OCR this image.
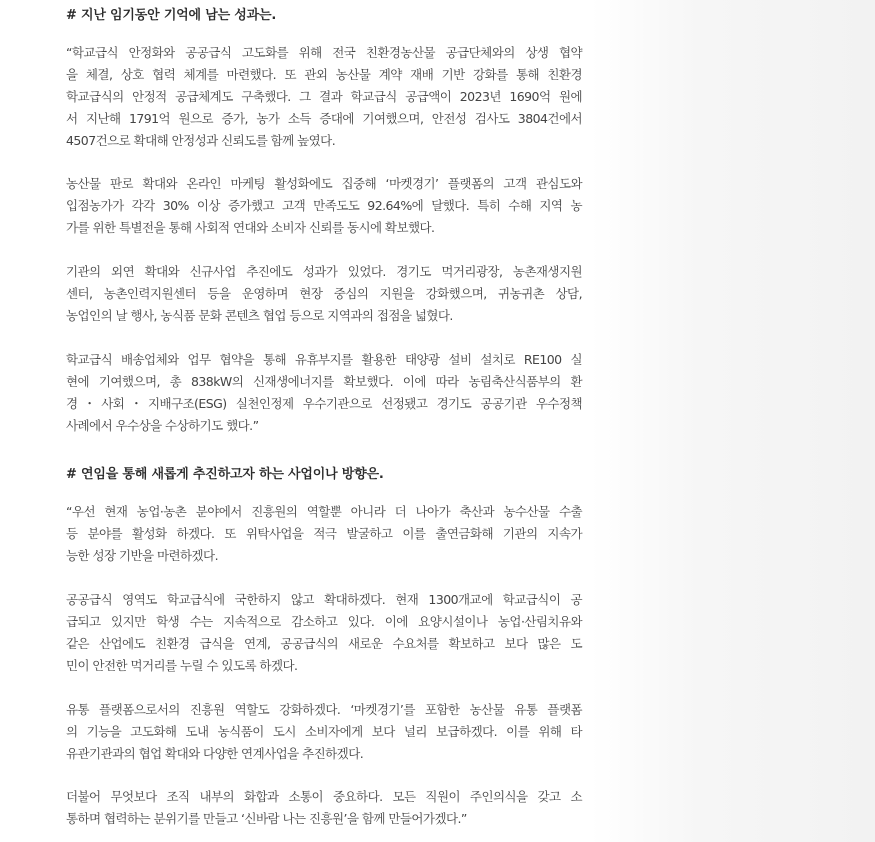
# 지난 임기동안 기억에 남는 성과는.
“학교급식 안정화와 공공급식 고도화를 위해 전국 친환경농산물 공급단체와의 상생 협약
을 체결, 상호 협력 체계를 마련했다. 또 관외 농산물 계약 재배 기반 강화를 통해 친환경
학교급식의 안정적 공급체계도 구축했다. 그 결과 학교급식 공급액이 2023년 1690억 원에
서 지난해 1791억 원으로 증가, 농가 소득 증대에 기여했으며, 안전성 검사도 3804건에서
4507건으로 확대해 안정성과 신뢰도를 함께 높였다.
농산물 판로 확대와 온라인 마케팅 활성화에도 집중해 ‘마켓경기’ 플랫폼의 고객 관심도와
입점농가가 각각 30% 이상 증가했고 고객 만족도도 92.64%에 달했다. 특히 수해 지역 농
가를 위한 특별전을 통해 사회적 연대와 소비자 신뢰를 동시에 확보했다.
기관의 외연 확대와 신규사업 추진에도 성과가 있었다. 경기도 먹거리광장, 농촌재생지원
센터, 농촌인력지원센터 등을 운영하며 현장 중심의 지원을 강화했으며, 귀농귀촌 상담,
농업인의 날 행사, 농식품 문화 콘텐츠 협업 등으로 지역과의 접점을 넓혔다.
학교급식 배송업체와 업무 협약을 통해 유휴부지를 활용한 태양광 설비 설치로 RE100 실
현에 기여했으며, 총 838kW의 신재생에너지를 확보했다. 이에 따라 농림축산식품부의 환
경・사회・지배구조(ESG) 실천인정제 우수기관으로 선정됐고 경기도 공공기관 우수정책
사례에서 우수상을 수상하기도 했다.”
# 연임을 통해 새롭게 추진하고자 하는 사업이나 방향은.
“우선 현재 농업·농촌 분야에서 진흥원의 역할뿐 아니라 더 나아가 축산과 농수산물 수출
등 분야를 활성화 하겠다. 또 위탁사업을 적극 발굴하고 이를 출연금화해 기관의 지속가
능한 성장 기반을 마련하겠다.
공공급식 영역도 학교급식에 국한하지 않고 확대하겠다. 현재 1300개교에 학교급식이 공
급되고 있지만 학생 수는 지속적으로 감소하고 있다. 이에 요양시설이나 농업·산림치유와
같은 산업에도 친환경 급식을 연계, 공공급식의 새로운 수요처를 확보하고 보다 많은 도
민이 안전한 먹거리를 누릴 수 있도록 하겠다.
유통 플랫폼으로서의 진흥원 역할도 강화하겠다. ‘마켓경기’를 포함한 농산물 유통 플랫폼
의 기능을 고도화해 도내 농식품이 도시 소비자에게 보다 널리 보급하겠다. 이를 위해 타
유관기관과의 협업 확대와 다양한 연계사업을 추진하겠다.
더불어 무엇보다 조직 내부의 화합과 소통이 중요하다. 모든 직원이 주인의식을 갖고 소
통하며 협력하는 분위기를 만들고 ‘신바람 나는 진흥원’을 함께 만들어가겠다.”
